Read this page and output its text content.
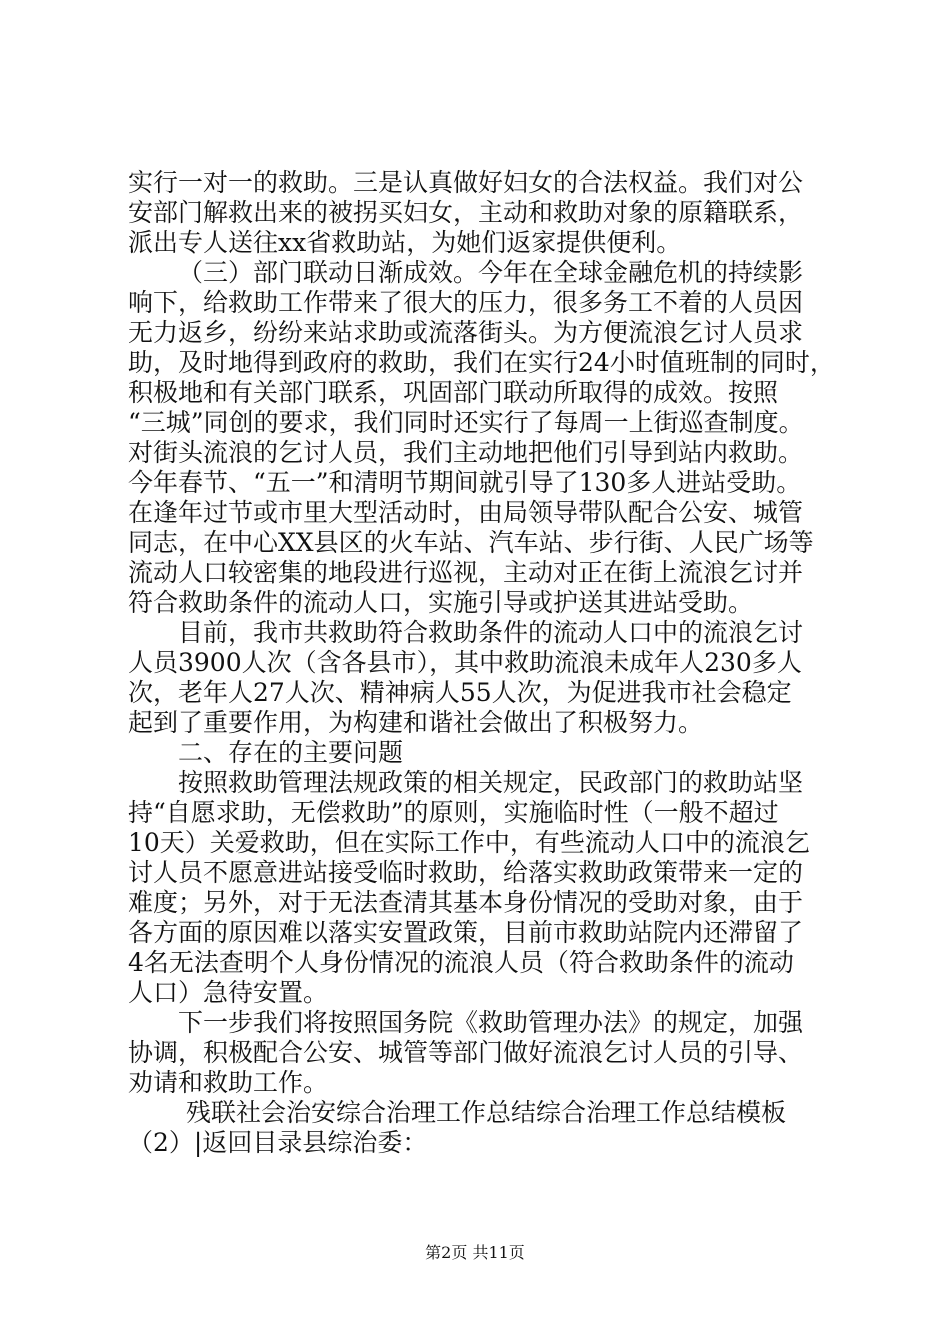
实行一对一的救助。三是认真做好妇女的合法权益。我们对公
安部门解救出来的被拐买妇女，主动和救助对象的原籍联系，
派出专人送往xx省救助站，为她们返家提供便利。
（三）部门联动日渐成效。今年在全球金融危机的持续影
响下，给救助工作带来了很大的压力，很多务工不着的人员因
无力返乡，纷纷来站求助或流落街头。为方便流浪乞讨人员求
助，及时地得到政府的救助，我们在实行24小时值班制的同时，
积极地和有关部门联系，巩固部门联动所取得的成效。按照
“三城”同创的要求，我们同时还实行了每周一上街巡查制度。
对街头流浪的乞讨人员，我们主动地把他们引导到站内救助。
今年春节、“五一”和清明节期间就引导了130多人进站受助。
在逢年过节或市里大型活动时，由局领导带队配合公安、城管
同志，在中心XX县区的火车站、汽车站、步行街、人民广场等
流动人口较密集的地段进行巡视，主动对正在街上流浪乞讨并
符合救助条件的流动人口，实施引导或护送其进站受助。
目前，我市共救助符合救助条件的流动人口中的流浪乞讨
人员3900人次（含各县市），其中救助流浪未成年人230多人
次，老年人27人次、精神病人55人次，为促进我市社会稳定
起到了重要作用，为构建和谐社会做出了积极努力。
二、存在的主要问题
按照救助管理法规政策的相关规定，民政部门的救助站坚
持“自愿求助，无偿救助”的原则，实施临时性（一般不超过
10天）关爱救助，但在实际工作中，有些流动人口中的流浪乞
讨人员不愿意进站接受临时救助，给落实救助政策带来一定的
难度；另外，对于无法查清其基本身份情况的受助对象，由于
各方面的原因难以落实安置政策，目前市救助站院内还滞留了
4名无法查明个人身份情况的流浪人员（符合救助条件的流动
人口）急待安置。
下一步我们将按照国务院《救助管理办法》的规定，加强
协调，积极配合公安、城管等部门做好流浪乞讨人员的引导、
劝请和救助工作。
残联社会治安综合治理工作总结综合治理工作总结模板
（2）|返回目录县综治委：
第2页 共11页
